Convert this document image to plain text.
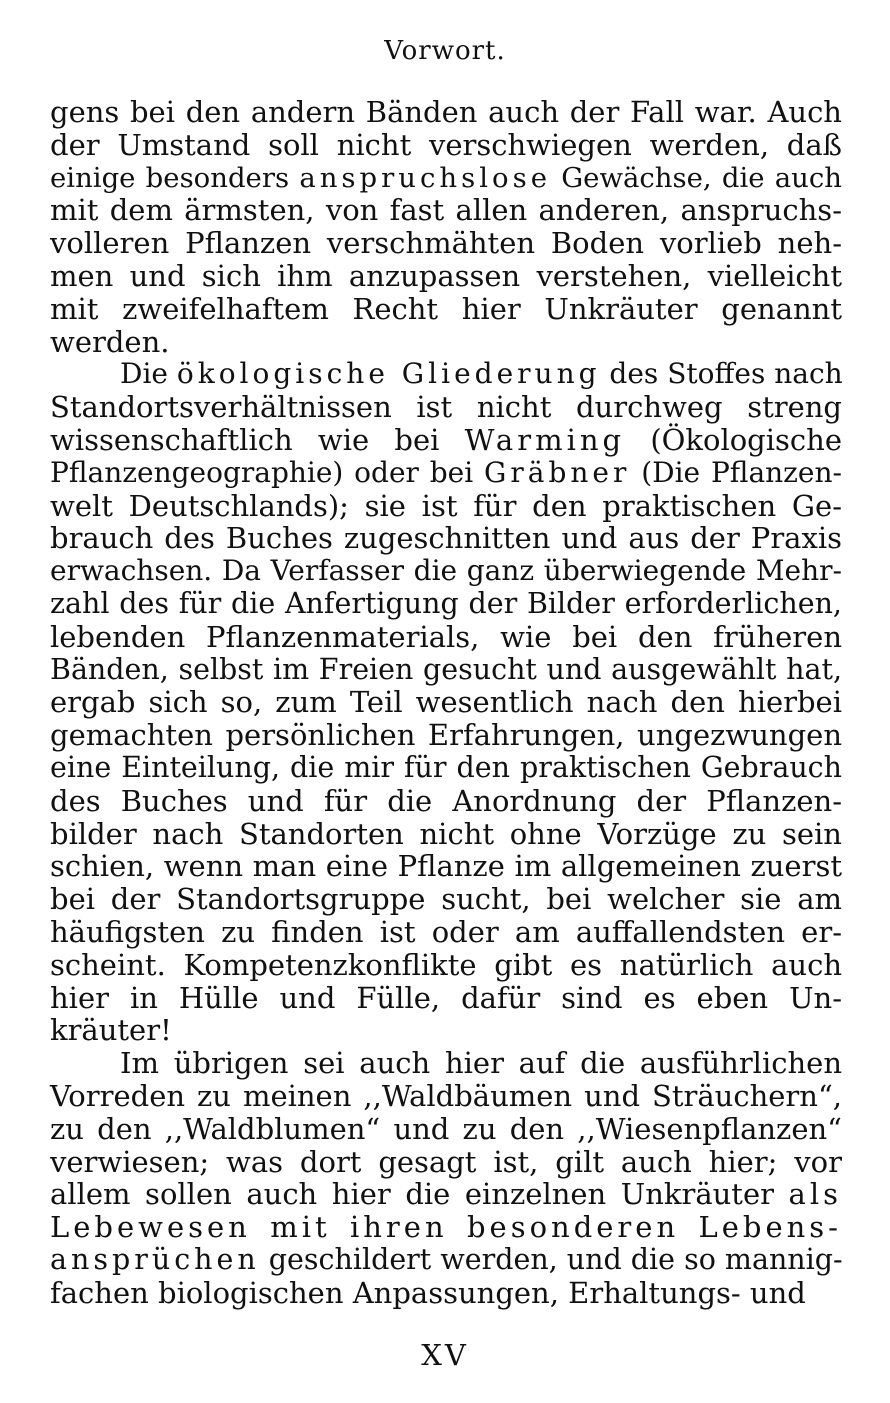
Vorwort.
gens bei den andern Bänden auch der Fall war. Auch
der Umstand soll nicht verschwiegen werden, daß
einige besonders anspruchslose Gewächse, die auch
mit dem ärmsten, von fast allen anderen, anspruchs-
volleren Pflanzen verschmähten Boden vorlieb neh-
men und sich ihm anzupassen verstehen, vielleicht
mit zweifelhaftem Recht hier Unkräuter genannt
werden.
Die ökologische Gliederung des Stoffes nach
Standortsverhältnissen ist nicht durchweg streng
wissenschaftlich wie bei Warming (Ökologische
Pflanzengeographie) oder bei Gräbner (Die Pflanzen-
welt Deutschlands); sie ist für den praktischen Ge-
brauch des Buches zugeschnitten und aus der Praxis
erwachsen. Da Verfasser die ganz überwiegende Mehr-
zahl des für die Anfertigung der Bilder erforderlichen,
lebenden Pflanzenmaterials, wie bei den früheren
Bänden, selbst im Freien gesucht und ausgewählt hat,
ergab sich so, zum Teil wesentlich nach den hierbei
gemachten persönlichen Erfahrungen, ungezwungen
eine Einteilung, die mir für den praktischen Gebrauch
des Buches und für die Anordnung der Pflanzen-
bilder nach Standorten nicht ohne Vorzüge zu sein
schien, wenn man eine Pflanze im allgemeinen zuerst
bei der Standortsgruppe sucht, bei welcher sie am
häufigsten zu finden ist oder am auffallendsten er-
scheint. Kompetenzkonflikte gibt es natürlich auch
hier in Hülle und Fülle, dafür sind es eben Un-
kräuter!
Im übrigen sei auch hier auf die ausführlichen
Vorreden zu meinen ,,Waldbäumen und Sträuchern“,
zu den ,,Waldblumen“ und zu den ,,Wiesenpflanzen“
verwiesen; was dort gesagt ist, gilt auch hier; vor
allem sollen auch hier die einzelnen Unkräuter als
Lebewesen mit ihren besonderen Lebens-
ansprüchen geschildert werden, und die so mannig-
fachen biologischen Anpassungen, Erhaltungs- und
XV
